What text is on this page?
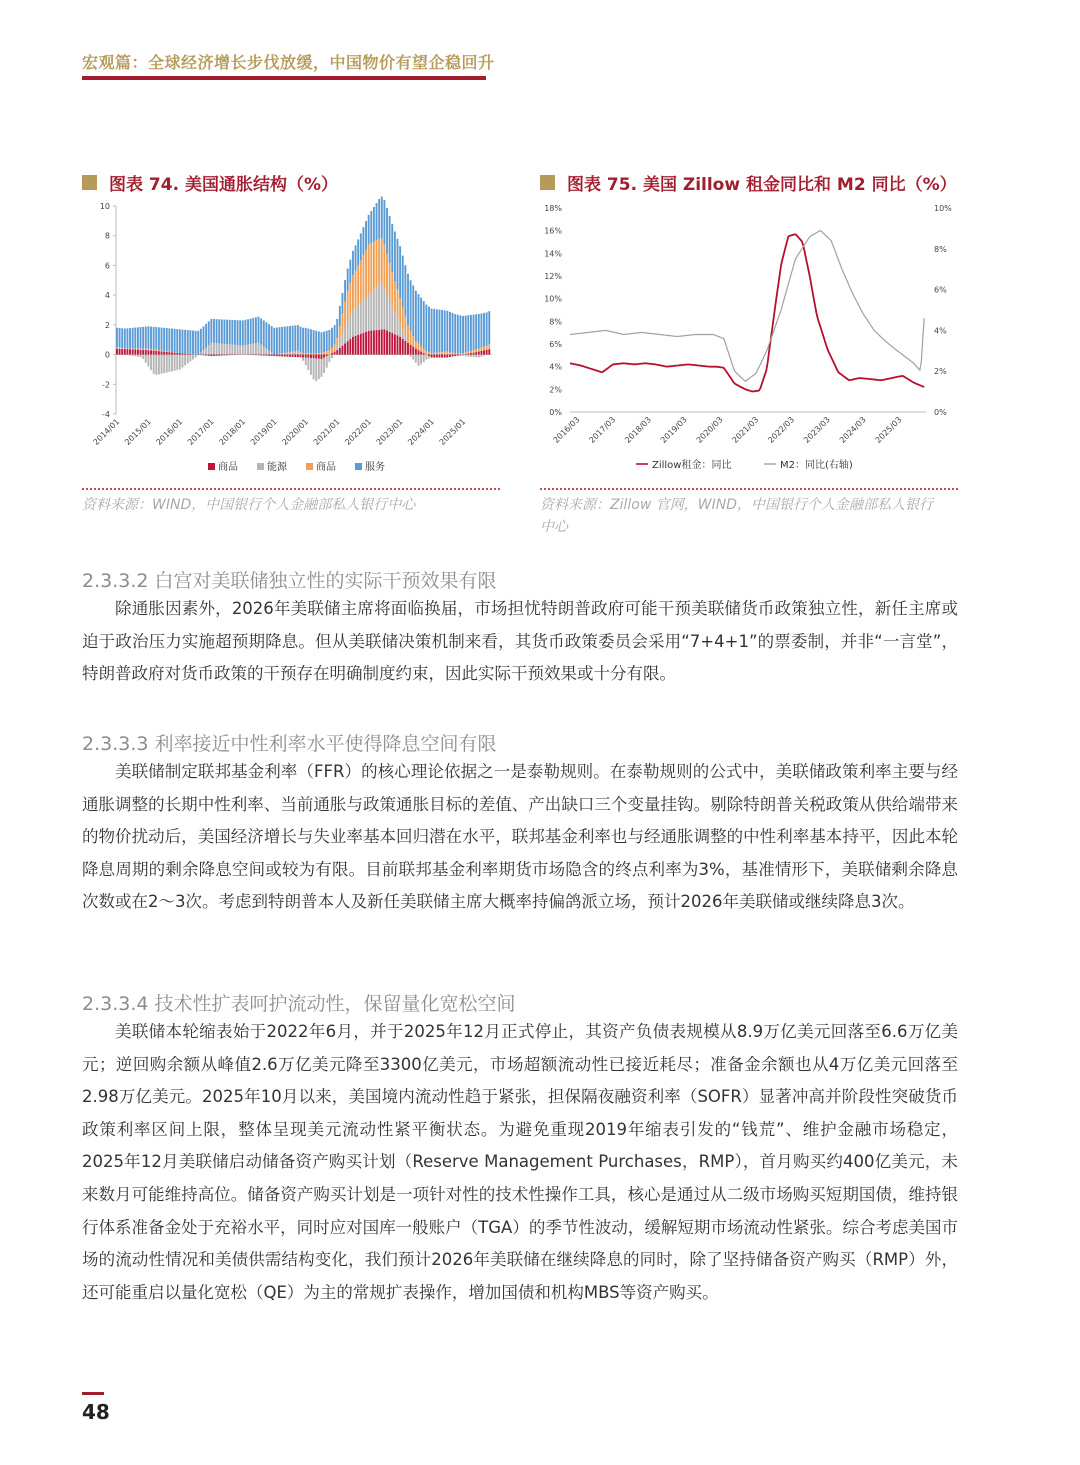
宏观篇：全球经济增长步伐放缓，中国物价有望企稳回升
图表 74. 美国通胀结构（%）
10
8
6
4
2
0
-2
-4
2014/01 2015/01 2016/01 2017/01 2018/01 2019/01 2020/01 2021/01 2022/01 2023/01 2024/01 2025/01
商品	能源	商品	服务
资料来源：WIND，中国银行个人金融部私人银行中心
图表 75. 美国 Zillow 租金同比和 M2 同比（%）
18%
16%
14%
12%
10%
8%
6%
4%
2%
0%
10%
8%
6%
4%
2%
0%
2016/03 2017/03 2018/03 2019/03 2020/03 2021/03 2022/03 2023/03 2024/03 2025/03
Zillow租金：同比	M2：同比(右轴)
资料来源：Zillow 官网，WIND，中国银行个人金融部私人银行
中心
2.3.3.2 白宫对美联储独立性的实际干预效果有限
除通胀因素外，2026年美联储主席将面临换届，市场担忧特朗普政府可能干预美联储货币政策独立性，新任主席或迫于政治压力实施超预期降息。但从美联储决策机制来看，其货币政策委员会采用“7+4+1”的票委制，并非“一言堂”，特朗普政府对货币政策的干预存在明确制度约束，因此实际干预效果或十分有限。
2.3.3.3 利率接近中性利率水平使得降息空间有限
美联储制定联邦基金利率（FFR）的核心理论依据之一是泰勒规则。在泰勒规则的公式中，美联储政策利率主要与经通胀调整的长期中性利率、当前通胀与政策通胀目标的差值、产出缺口三个变量挂钩。剔除特朗普关税政策从供给端带来的物价扰动后，美国经济增长与失业率基本回归潜在水平，联邦基金利率也与经通胀调整的中性利率基本持平，因此本轮降息周期的剩余降息空间或较为有限。目前联邦基金利率期货市场隐含的终点利率为3%，基准情形下，美联储剩余降息次数或在2～3次。考虑到特朗普本人及新任美联储主席大概率持偏鸽派立场，预计2026年美联储或继续降息3次。
2.3.3.4 技术性扩表呵护流动性，保留量化宽松空间
美联储本轮缩表始于2022年6月，并于2025年12月正式停止，其资产负债表规模从8.9万亿美元回落至6.6万亿美元；逆回购余额从峰值2.6万亿美元降至3300亿美元，市场超额流动性已接近耗尽；准备金余额也从4万亿美元回落至2.98万亿美元。2025年10月以来，美国境内流动性趋于紧张，担保隔夜融资利率（SOFR）显著冲高并阶段性突破货币政策利率区间上限，整体呈现美元流动性紧平衡状态。为避免重现2019年缩表引发的“钱荒”、维护金融市场稳定，2025年12月美联储启动储备资产购买计划（Reserve Management Purchases，RMP），首月购买约400亿美元，未来数月可能维持高位。储备资产购买计划是一项针对性的技术性操作工具，核心是通过从二级市场购买短期国债，维持银行体系准备金处于充裕水平，同时应对国库一般账户（TGA）的季节性波动，缓解短期市场流动性紧张。综合考虑美国市场的流动性情况和美债供需结构变化，我们预计2026年美联储在继续降息的同时，除了坚持储备资产购买（RMP）外，还可能重启以量化宽松（QE）为主的常规扩表操作，增加国债和机构MBS等资产购买。
48
